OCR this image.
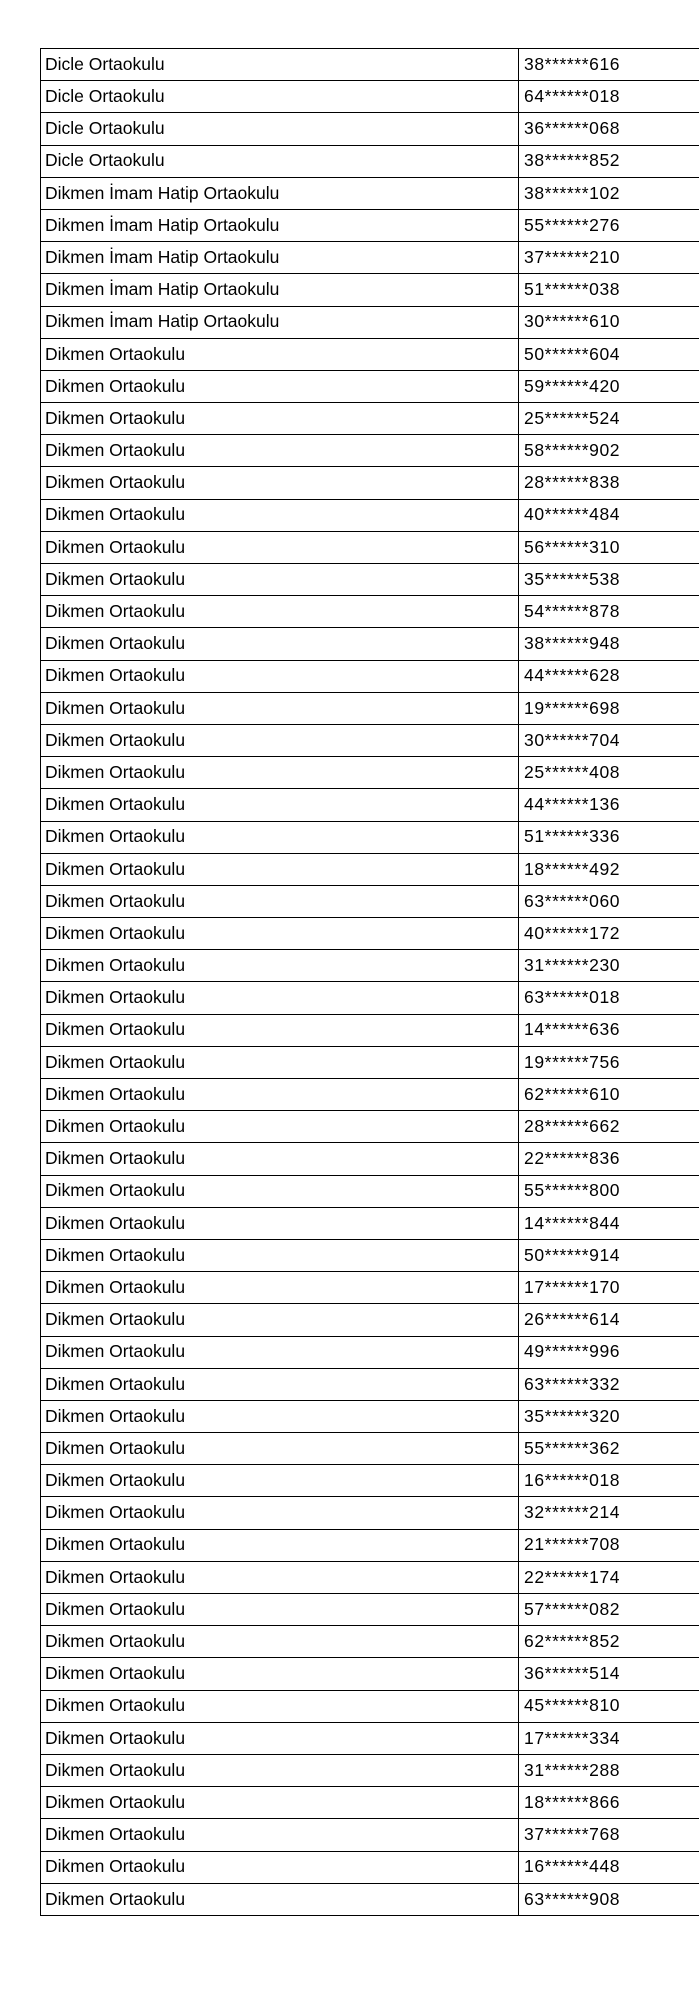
Dicle Ortaokulu	38******616
Dicle Ortaokulu	64******018
Dicle Ortaokulu	36******068
Dicle Ortaokulu	38******852
Dikmen İmam Hatip Ortaokulu	38******102
Dikmen İmam Hatip Ortaokulu	55******276
Dikmen İmam Hatip Ortaokulu	37******210
Dikmen İmam Hatip Ortaokulu	51******038
Dikmen İmam Hatip Ortaokulu	30******610
Dikmen Ortaokulu	50******604
Dikmen Ortaokulu	59******420
Dikmen Ortaokulu	25******524
Dikmen Ortaokulu	58******902
Dikmen Ortaokulu	28******838
Dikmen Ortaokulu	40******484
Dikmen Ortaokulu	56******310
Dikmen Ortaokulu	35******538
Dikmen Ortaokulu	54******878
Dikmen Ortaokulu	38******948
Dikmen Ortaokulu	44******628
Dikmen Ortaokulu	19******698
Dikmen Ortaokulu	30******704
Dikmen Ortaokulu	25******408
Dikmen Ortaokulu	44******136
Dikmen Ortaokulu	51******336
Dikmen Ortaokulu	18******492
Dikmen Ortaokulu	63******060
Dikmen Ortaokulu	40******172
Dikmen Ortaokulu	31******230
Dikmen Ortaokulu	63******018
Dikmen Ortaokulu	14******636
Dikmen Ortaokulu	19******756
Dikmen Ortaokulu	62******610
Dikmen Ortaokulu	28******662
Dikmen Ortaokulu	22******836
Dikmen Ortaokulu	55******800
Dikmen Ortaokulu	14******844
Dikmen Ortaokulu	50******914
Dikmen Ortaokulu	17******170
Dikmen Ortaokulu	26******614
Dikmen Ortaokulu	49******996
Dikmen Ortaokulu	63******332
Dikmen Ortaokulu	35******320
Dikmen Ortaokulu	55******362
Dikmen Ortaokulu	16******018
Dikmen Ortaokulu	32******214
Dikmen Ortaokulu	21******708
Dikmen Ortaokulu	22******174
Dikmen Ortaokulu	57******082
Dikmen Ortaokulu	62******852
Dikmen Ortaokulu	36******514
Dikmen Ortaokulu	45******810
Dikmen Ortaokulu	17******334
Dikmen Ortaokulu	31******288
Dikmen Ortaokulu	18******866
Dikmen Ortaokulu	37******768
Dikmen Ortaokulu	16******448
Dikmen Ortaokulu	63******908
